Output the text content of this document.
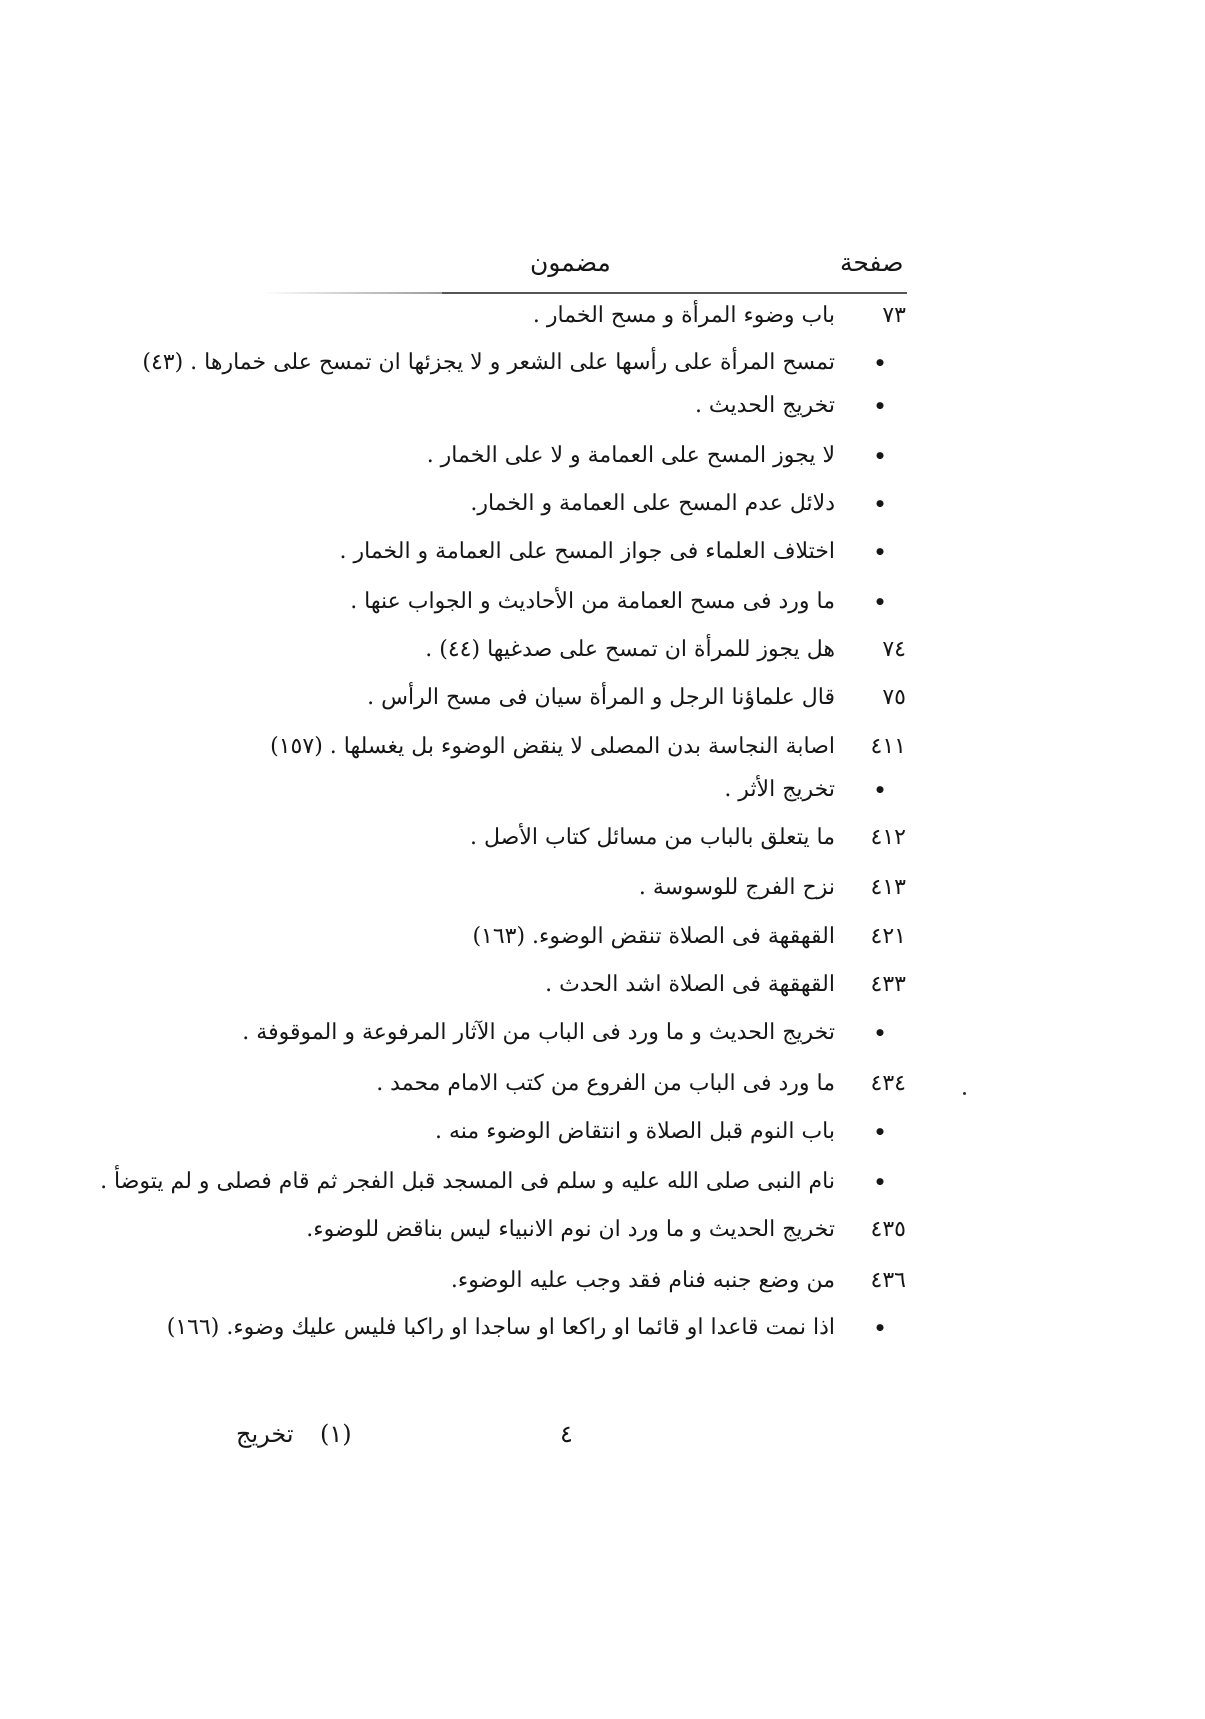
صفحة
مضمون
٧٣
باب وضوء المرأة و مسح الخمار .
•
تمسح المرأة على رأسها على الشعر و لا يجزئها ان تمسح على خمارها . (٤٣)
•
تخريج الحديث .
•
لا يجوز المسح على العمامة و لا على الخمار .
•
دلائل عدم المسح على العمامة و الخمار.
•
اختلاف العلماء فى جواز المسح على العمامة و الخمار .
•
ما ورد فى مسح العمامة من الأحاديث و الجواب عنها .
٧٤
هل يجوز للمرأة ان تمسح على صدغيها (٤٤) .
٧٥
قال علماؤنا الرجل و المرأة سيان فى مسح الرأس .
٤١١
اصابة النجاسة بدن المصلى لا ينقض الوضوء بل يغسلها . (١٥٧)
•
تخريج الأثر .
٤١٢
ما يتعلق بالباب من مسائل كتاب الأصل .
٤١٣
نزح الفرج للوسوسة .
٤٢١
القهقهة فى الصلاة تنقض الوضوء. (١٦٣)
٤٣٣
القهقهة فى الصلاة اشد الحدث .
•
تخريج الحديث و ما ورد فى الباب من الآثار المرفوعة و الموقوفة .
٤٣٤
ما ورد فى الباب من الفروع من كتب الامام محمد .
•
باب النوم قبل الصلاة و انتقاض الوضوء منه .
•
نام النبى صلى الله عليه و سلم فى المسجد قبل الفجر ثم قام فصلى و لم يتوضأ .
٤٣٥
تخريج الحديث و ما ورد ان نوم الانبياء ليس بناقض للوضوء.
٤٣٦
من وضع جنبه فنام فقد وجب عليه الوضوء.
•
اذا نمت قاعدا او قائما او راكعا او ساجدا او راكبا فليس عليك وضوء. (١٦٦)
٤
(١)
تخريج
